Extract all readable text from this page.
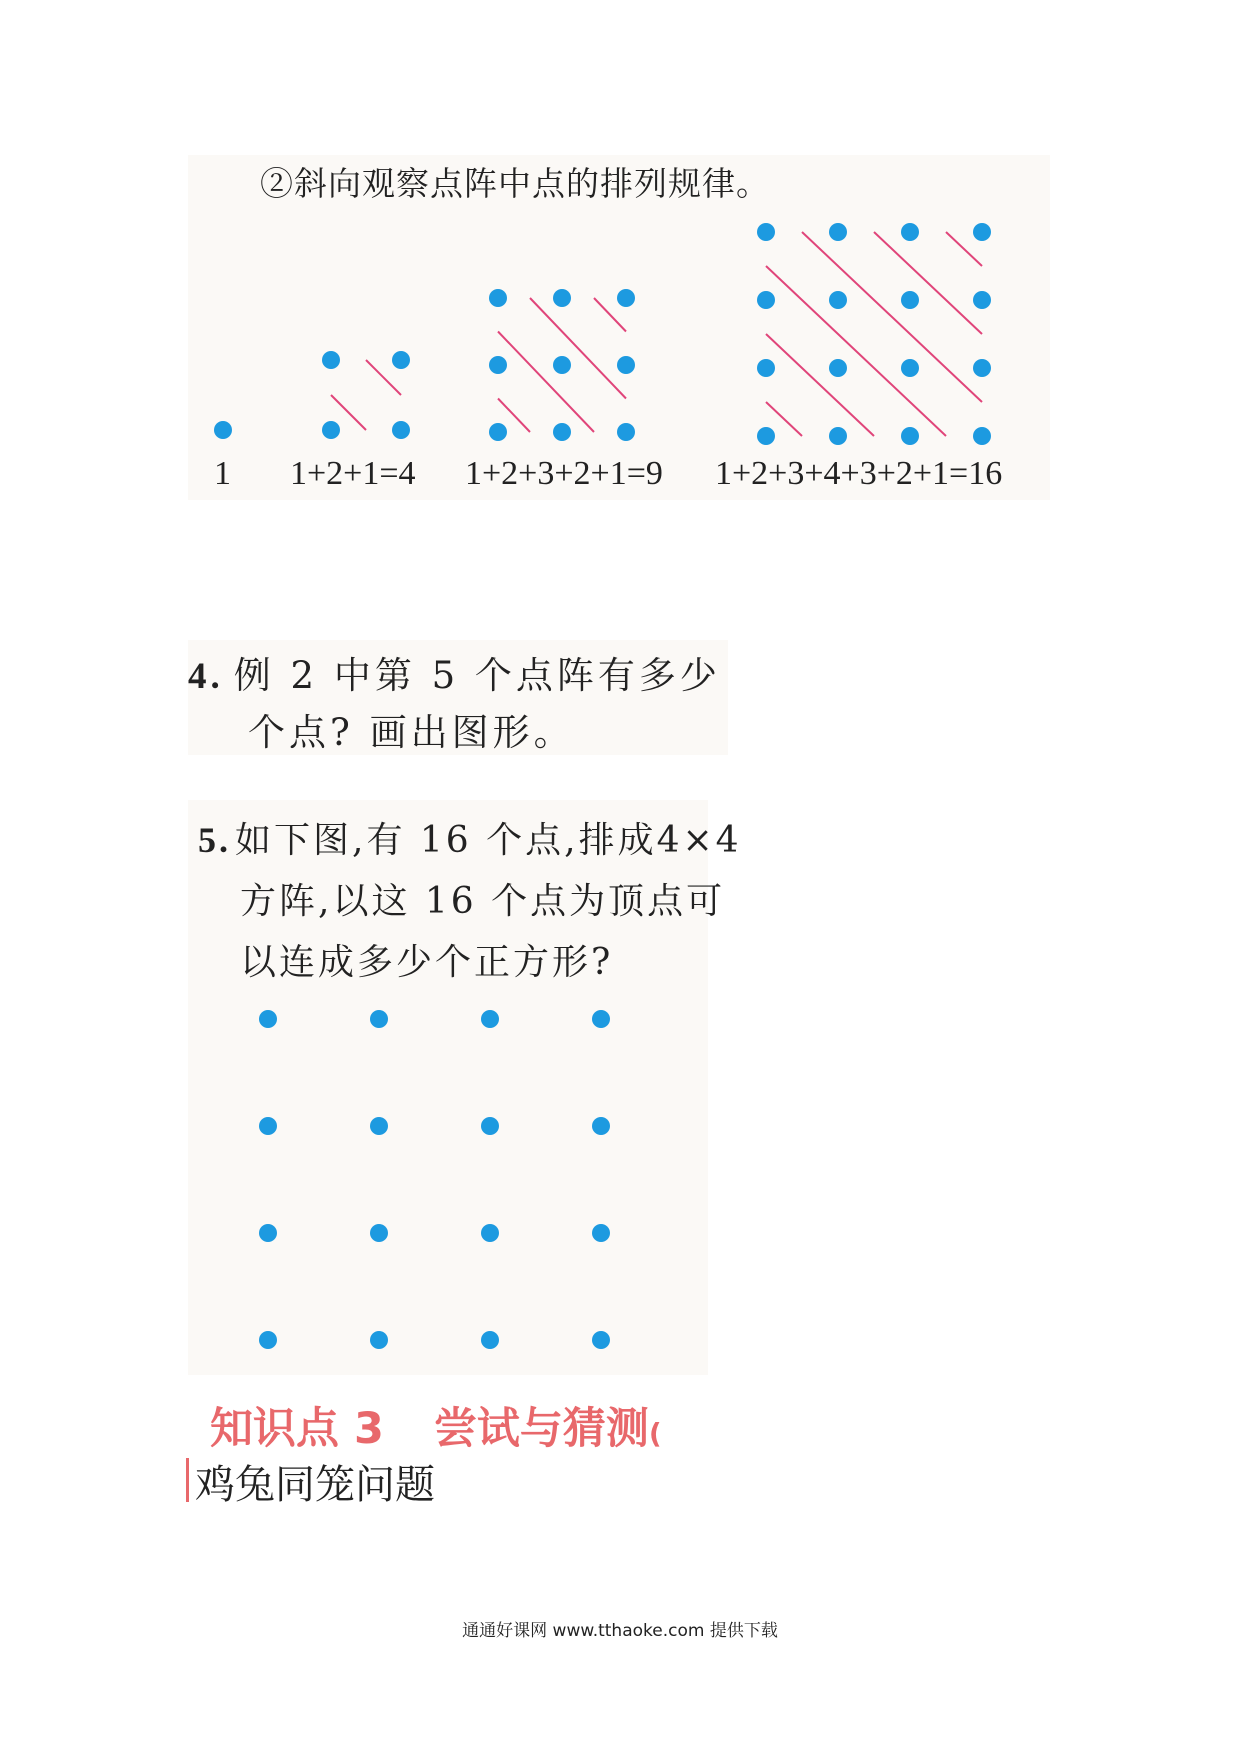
②斜向观察点阵中点的排列规律。
1 1+2+1=4 1+2+3+2+1=9 1+2+3+4+3+2+1=16
4. 例 2 中第 5 个点阵有多少
个点? 画出图形。
5. 如下图,有 16 个点,排成4×4
方阵,以这 16 个点为顶点可
以连成多少个正方形?
知识点 3 尝试与猜测(
鸡兔同笼问题
通通好课网 www.tthaoke.com 提供下载
